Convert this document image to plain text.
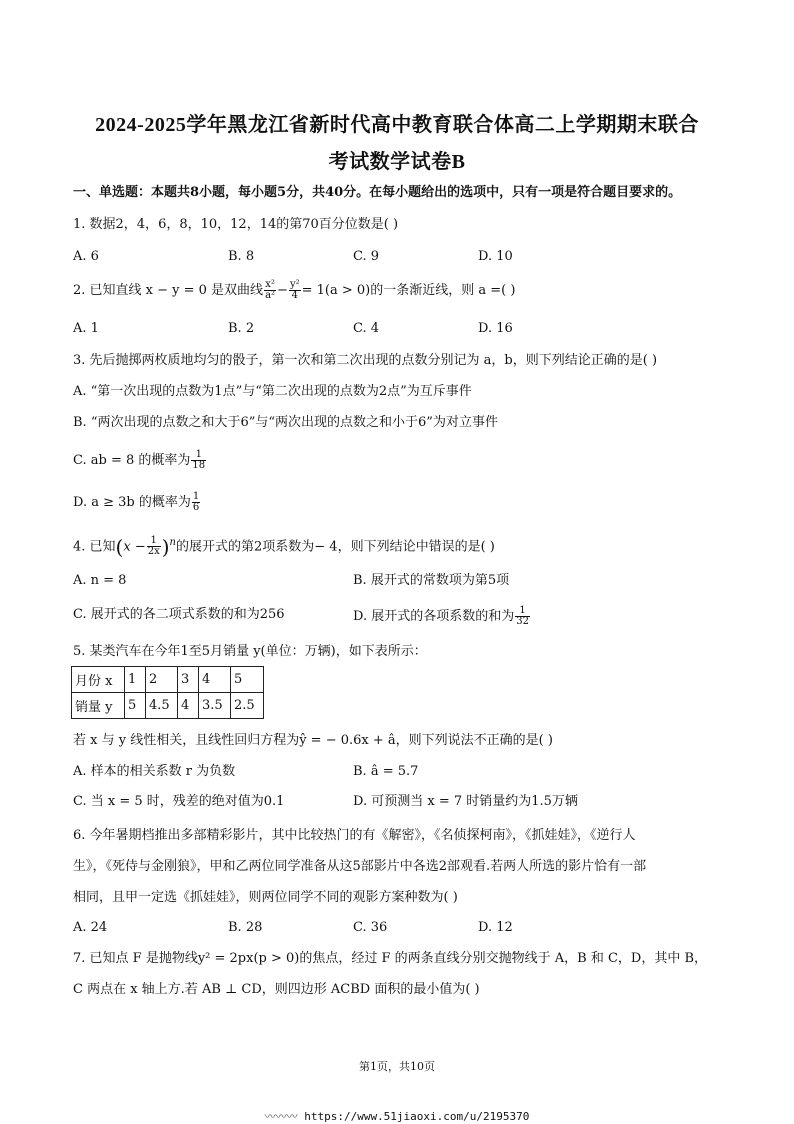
2024-2025学年黑龙江省新时代高中教育联合体高二上学期期末联合
考试数学试卷B
一、单选题：本题共8小题，每小题5分，共40分。在每小题给出的选项中，只有一项是符合题目要求的。
1. 数据2，4，6，8，10，12，14的第70百分位数是( )
A. 6	B. 8	C. 9	D. 10
2. 已知直线 x − y = 0 是双曲线 $\frac{\text{x²}}{\text{a²}} - \frac{\text{y²}}{4} = 1(a > 0)$的一条渐近线，则 a =( )
A. 1	B. 2	C. 4	D. 16
3. 先后抛掷两枚质地均匀的骰子，第一次和第二次出现的点数分别记为 a，b，则下列结论正确的是( )
A. “第一次出现的点数为1点”与“第二次出现的点数为2点”为互斥事件
B. “两次出现的点数之和大于6”与“两次出现的点数之和小于6”为对立事件
C. ab = 8 的概率为 $\frac{1}{18}$
D. a ≥ 3b 的概率为 $\frac{1}{6}$
4. 已知$(x - \frac{1}{2x} )^n$的展开式的第2项系数为− 4，则下列结论中错误的是( )
A. n = 8	B. 展开式的常数项为第5项
C. 展开式的各二项式系数的和为256	D. 展开式的各项系数的和为 $\frac{1}{32}$
5. 某类汽车在今年1至5月销量 y(单位：万辆)，如下表所示：
月份 x	1	2	3	4	5
销量 y	5	4.5	4	3.5	2.5
若 x 与 y 线性相关，且线性回归方程为ŷ = − 0.6x + â，则下列说法不正确的是( )
A. 样本的相关系数 r 为负数	B. â = 5.7
C. 当 x = 5 时，残差的绝对值为0.1	D. 可预测当 x = 7 时销量约为1.5万辆
6. 今年暑期档推出多部精彩影片，其中比较热门的有《解密》，《名侦探柯南》，《抓娃娃》，《逆行人
生》，《死侍与金刚狼》，甲和乙两位同学准备从这5部影片中各选2部观看.若两人所选的影片恰有一部
相同，且甲一定选《抓娃娃》，则两位同学不同的观影方案种数为( )
A. 24	B. 28	C. 36	D. 12
7. 已知点 F 是抛物线y² = 2px(p > 0)的焦点，经过 F 的两条直线分别交抛物线于 A，B 和 C，D，其中 B，
C 两点在 x 轴上方.若 AB ⊥ CD，则四边形 ACBD 面积的最小值为( )
第1页，共10页
〰〰〰 https://www.51jiaoxi.com/u/2195370
